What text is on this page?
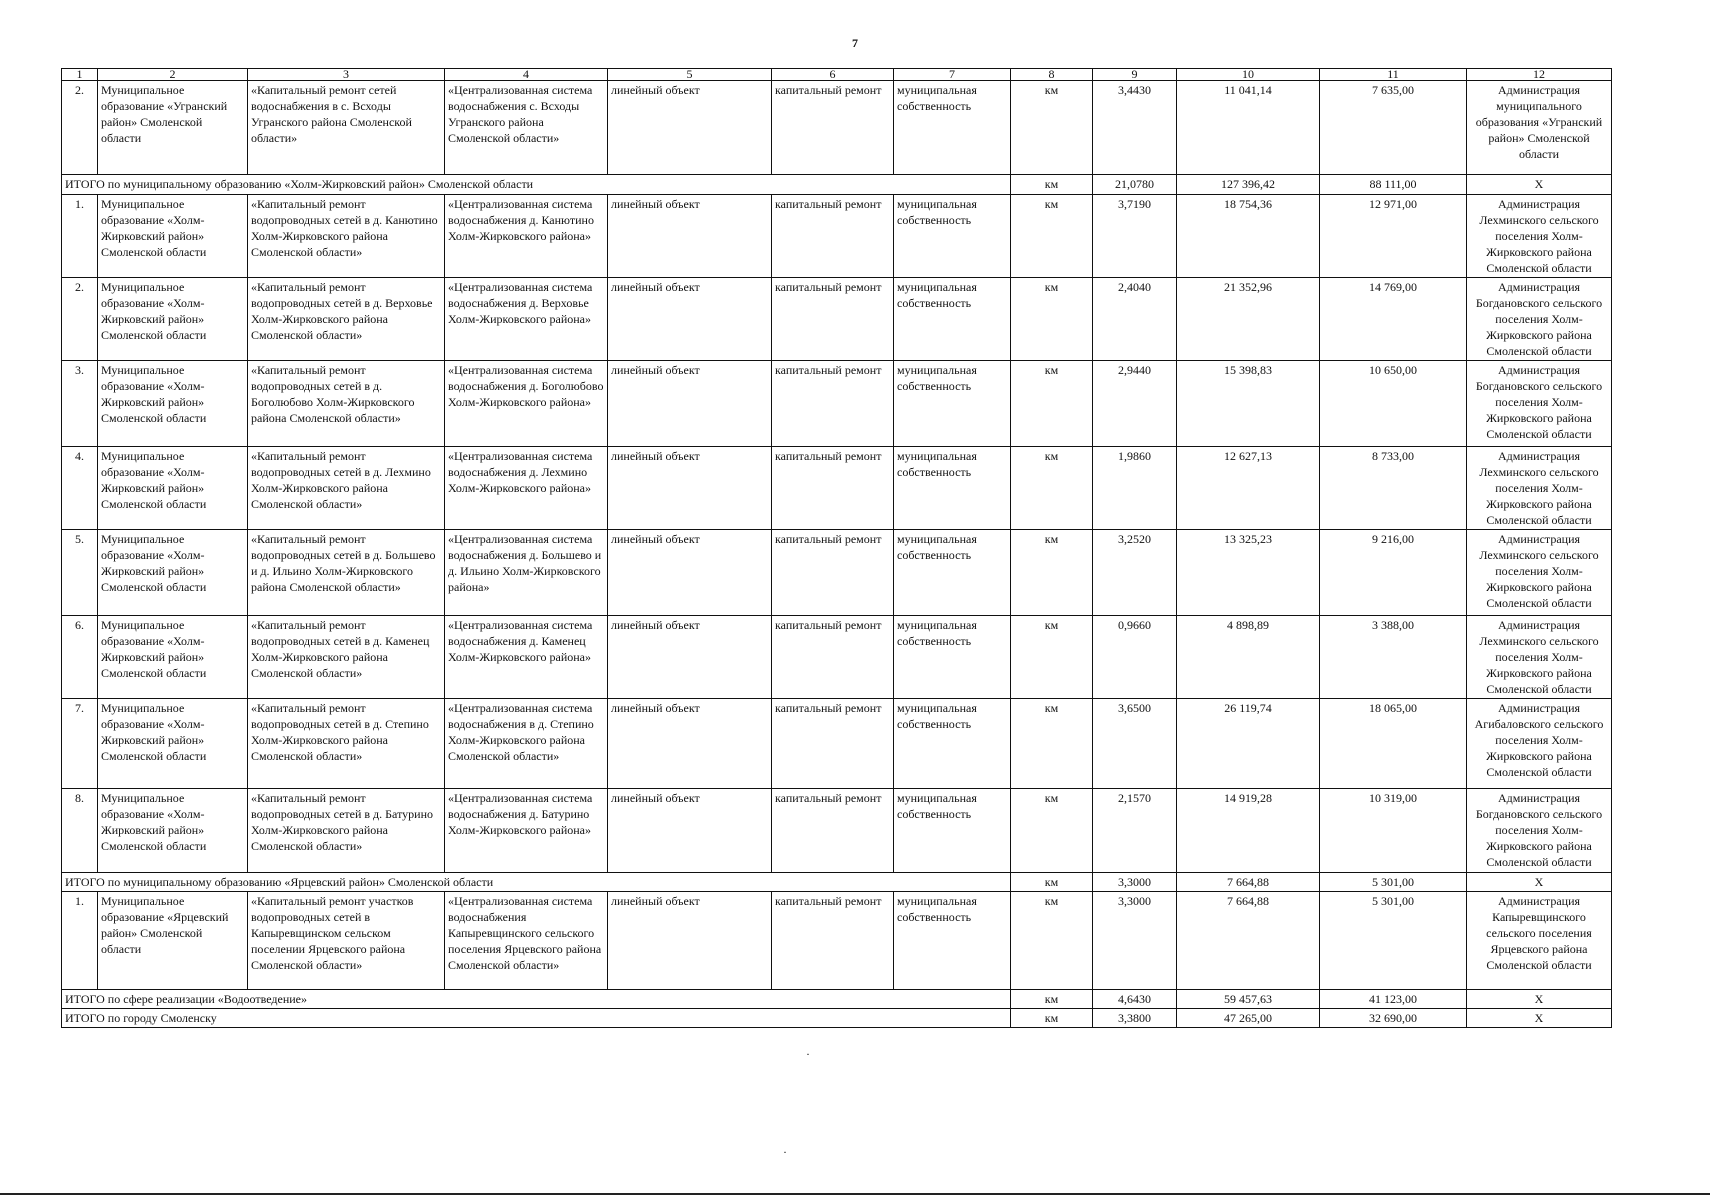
7
1	2	3	4	5	6	7	8	9	10	11	12
2.	Муниципальное образование «Угранский район» Смоленской области	«Капитальный ремонт сетей водоснабжения в с. Всходы Угранского района Смоленской области»	«Централизованная система водоснабжения с. Всходы Угранского района Смоленской области»	линейный объект	капитальный ремонт	муниципальная собственность	км	3,4430	11 041,14	7 635,00	Администрация муниципального образования «Угранский район» Смоленской области
ИТОГО по муниципальному образованию «Холм-Жирковский район» Смоленской области							км	21,0780	127 396,42	88 111,00	Х
1.	Муниципальное образование «Холм-Жирковский район» Смоленской области	«Капитальный ремонт водопроводных сетей в д. Канютино Холм-Жирковского района Смоленской области»	«Централизованная система водоснабжения д. Канютино Холм-Жирковского района»	линейный объект	капитальный ремонт	муниципальная собственность	км	3,7190	18 754,36	12 971,00	Администрация Лехминского сельского поселения Холм-Жирковского района Смоленской области
2.	Муниципальное образование «Холм-Жирковский район» Смоленской области	«Капитальный ремонт водопроводных сетей в д. Верховье Холм-Жирковского района Смоленской области»	«Централизованная система водоснабжения д. Верховье Холм-Жирковского района»	линейный объект	капитальный ремонт	муниципальная собственность	км	2,4040	21 352,96	14 769,00	Администрация Богдановского сельского поселения Холм-Жирковского района Смоленской области
3.	Муниципальное образование «Холм-Жирковский район» Смоленской области	«Капитальный ремонт водопроводных сетей в д. Боголюбово Холм-Жирковского района Смоленской области»	«Централизованная система водоснабжения д. Боголюбово Холм-Жирковского района»	линейный объект	капитальный ремонт	муниципальная собственность	км	2,9440	15 398,83	10 650,00	Администрация Богдановского сельского поселения Холм-Жирковского района Смоленской области
4.	Муниципальное образование «Холм-Жирковский район» Смоленской области	«Капитальный ремонт водопроводных сетей в д. Лехмино Холм-Жирковского района Смоленской области»	«Централизованная система водоснабжения д. Лехмино Холм-Жирковского района»	линейный объект	капитальный ремонт	муниципальная собственность	км	1,9860	12 627,13	8 733,00	Администрация Лехминского сельского поселения Холм-Жирковского района Смоленской области
5.	Муниципальное образование «Холм-Жирковский район» Смоленской области	«Капитальный ремонт водопроводных сетей в д. Большево и д. Ильино Холм-Жирковского района Смоленской области»	«Централизованная система водоснабжения д. Большево и д. Ильино Холм-Жирковского района»	линейный объект	капитальный ремонт	муниципальная собственность	км	3,2520	13 325,23	9 216,00	Администрация Лехминского сельского поселения Холм-Жирковского района Смоленской области
6.	Муниципальное образование «Холм-Жирковский район» Смоленской области	«Капитальный ремонт водопроводных сетей в д. Каменец Холм-Жирковского района Смоленской области»	«Централизованная система водоснабжения д. Каменец Холм-Жирковского района»	линейный объект	капитальный ремонт	муниципальная собственность	км	0,9660	4 898,89	3 388,00	Администрация Лехминского сельского поселения Холм-Жирковского района Смоленской области
7.	Муниципальное образование «Холм-Жирковский район» Смоленской области	«Капитальный ремонт водопроводных сетей в д. Степино Холм-Жирковского района Смоленской области»	«Централизованная система водоснабжения в д. Степино Холм-Жирковского района Смоленской области»	линейный объект	капитальный ремонт	муниципальная собственность	км	3,6500	26 119,74	18 065,00	Администрация Агибаловского сельского поселения Холм-Жирковского района Смоленской области
8.	Муниципальное образование «Холм-Жирковский район» Смоленской области	«Капитальный ремонт водопроводных сетей в д. Батурино Холм-Жирковского района Смоленской области»	«Централизованная система водоснабжения д. Батурино Холм-Жирковского района»	линейный объект	капитальный ремонт	муниципальная собственность	км	2,1570	14 919,28	10 319,00	Администрация Богдановского сельского поселения Холм-Жирковского района Смоленской области
ИТОГО по муниципальному образованию «Ярцевский район» Смоленской области							км	3,3000	7 664,88	5 301,00	Х
1.	Муниципальное образование «Ярцевский район» Смоленской области	«Капитальный ремонт участков водопроводных сетей в Капыревщинском сельском поселении Ярцевского района Смоленской области»	«Централизованная система водоснабжения Капыревщинского сельского поселения Ярцевского района Смоленской области»	линейный объект	капитальный ремонт	муниципальная собственность	км	3,3000	7 664,88	5 301,00	Администрация Капыревщинского сельского поселения Ярцевского района Смоленской области
ИТОГО по сфере реализации «Водоотведение»							км	4,6430	59 457,63	41 123,00	Х
ИТОГО по городу Смоленску							км	3,3800	47 265,00	32 690,00	Х
·
·
